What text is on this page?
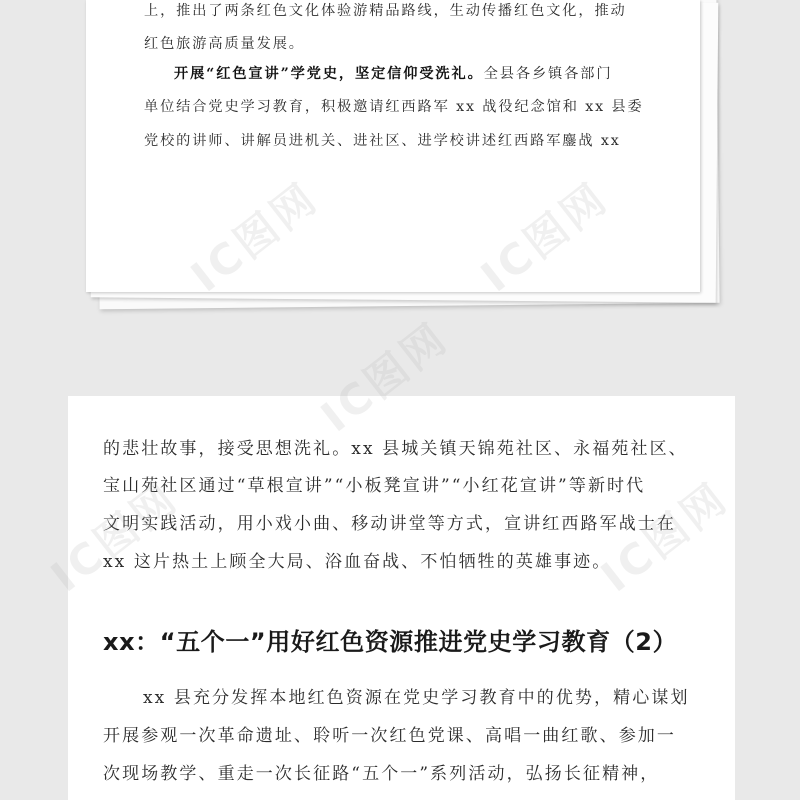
上，推出了两条红色文化体验游精品路线，生动传播红色文化，推动

红色旅游高质量发展。

开展“红色宣讲”学党史，坚定信仰受洗礼。全县各乡镇各部门

单位结合党史学习教育，积极邀请红西路军 xx 战役纪念馆和 xx 县委

党校的讲师、讲解员进机关、进社区、进学校讲述红西路军鏖战 xx

的悲壮故事，接受思想洗礼。xx 县城关镇天锦苑社区、永福苑社区、

宝山苑社区通过“草根宣讲”“小板凳宣讲”“小红花宣讲”等新时代

文明实践活动，用小戏小曲、移动讲堂等方式，宣讲红西路军战士在

xx 这片热土上顾全大局、浴血奋战、不怕牺牲的英雄事迹。

xx：“五个一”用好红色资源推进党史学习教育（2）

xx 县充分发挥本地红色资源在党史学习教育中的优势，精心谋划

开展参观一次革命遗址、聆听一次红色党课、高唱一曲红歌、参加一

次现场教学、重走一次长征路“五个一”系列活动，弘扬长征精神，

IC图网
